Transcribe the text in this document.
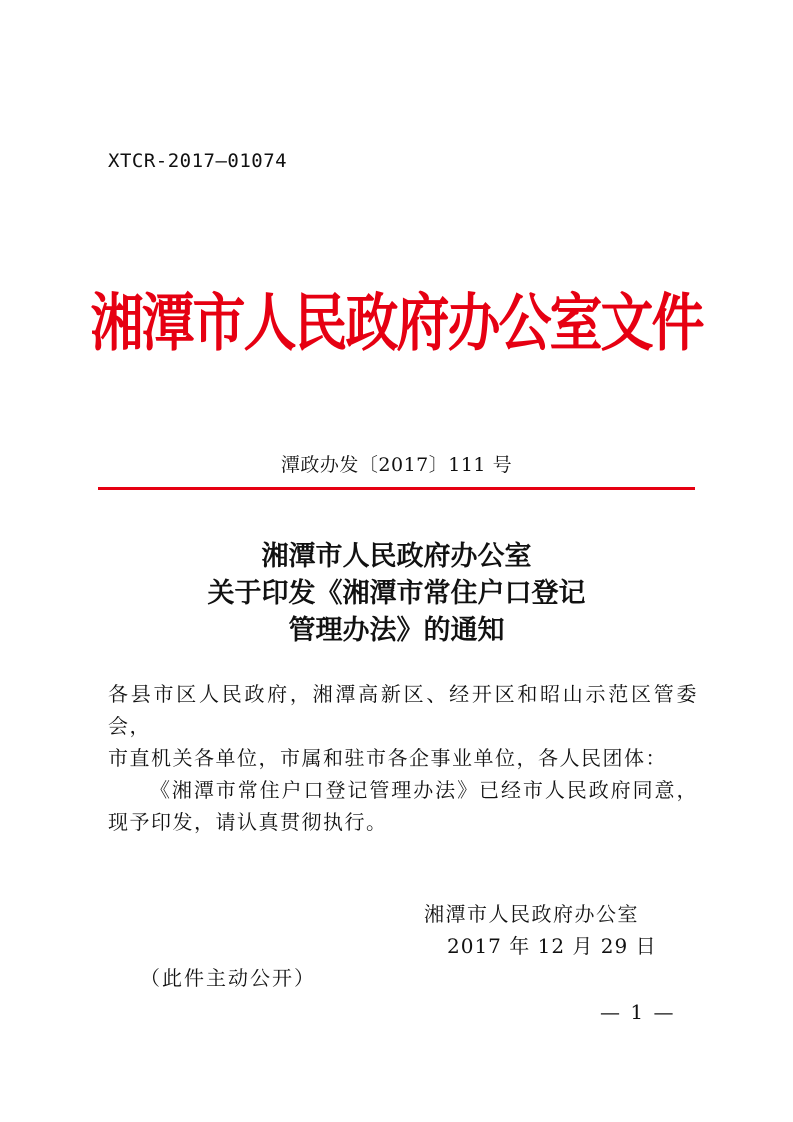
XTCR-2017—01074
湘潭市人民政府办公室文件
潭政办发〔2017〕111 号
湘潭市人民政府办公室
关于印发《湘潭市常住户口登记
管理办法》的通知

各县市区人民政府，湘潭高新区、经开区和昭山示范区管委会，

市直机关各单位，市属和驻市各企事业单位，各人民团体：

《湘潭市常住户口登记管理办法》已经市人民政府同意，现予印发，请认真贯彻执行。

湘潭市人民政府办公室
2017 年 12 月 29 日
（此件主动公开）
— 1 —
